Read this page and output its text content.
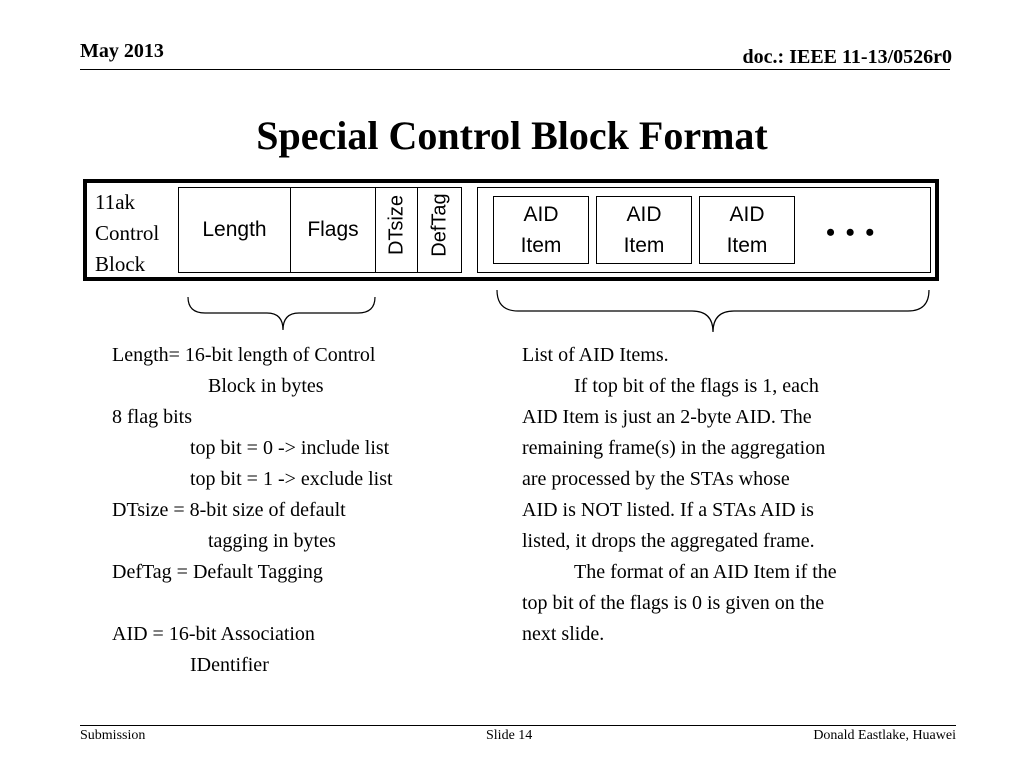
May 2013	doc.: IEEE 11-13/0526r0
Special Control Block Format
11ak
Control
Block
Length	Flags	DTsize DefTag	AID
Item
AID
Item
AID
Item	• • •
Length= 16-bit length of Control
Block in bytes
8 flag bits
top bit = 0 -> include list
top bit = 1 -> exclude list
DTsize = 8-bit size of default
tagging in bytes
DefTag = Default Tagging
AID = 16-bit Association
IDentifier
List of AID Items.
If top bit of the flags is 1, each
AID Item is just an 2-byte AID. The
remaining frame(s) in the aggregation
are processed by the STAs whose
AID is NOT listed. If a STAs AID is
listed, it drops the aggregated frame.
The format of an AID Item if the
top bit of the flags is 0 is given on the
next slide.
Submission	Slide 14	Donald Eastlake, Huawei
